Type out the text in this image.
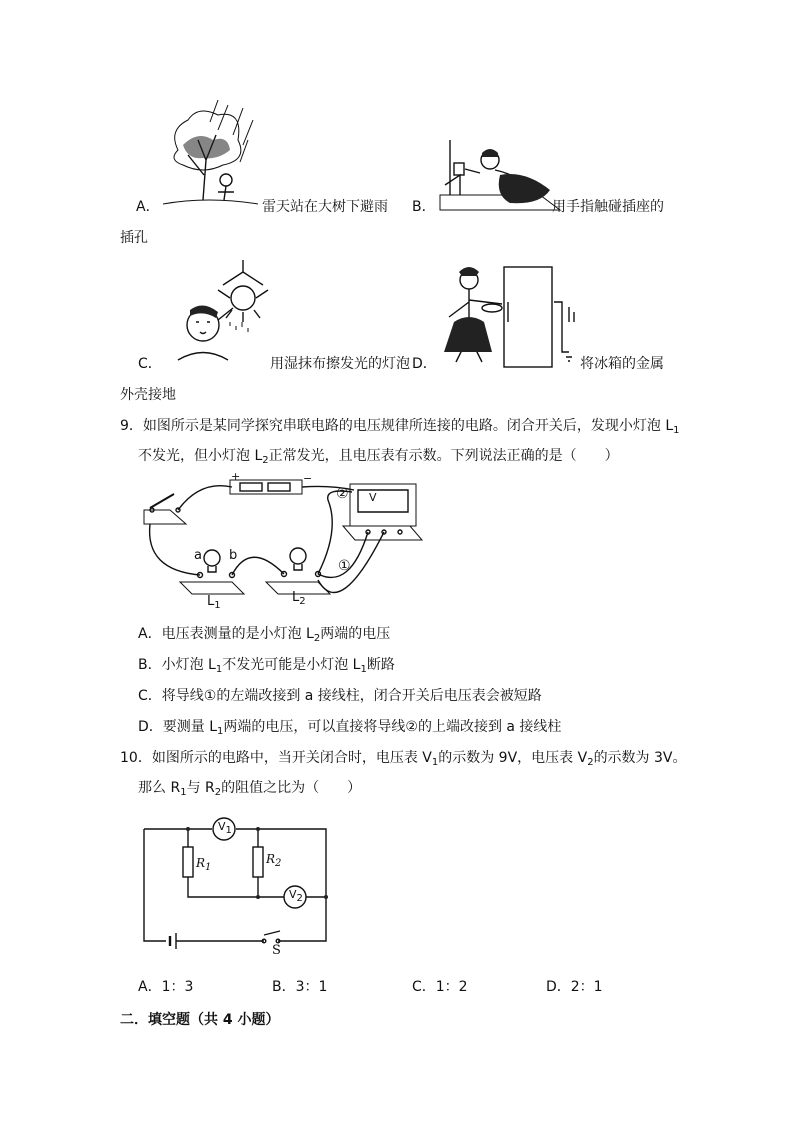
A．	雷天站在大树下避雨 B．	用手指触碰插座的
插孔
C．	用湿抹布擦发光的灯泡 D．	将冰箱的金属
外壳接地
9．如图所示是某同学探究串联电路的电压规律所连接的电路。闭合开关后，发现小灯泡 $L_1$
不发光，但小灯泡 $L_2$正常发光，且电压表有示数。下列说法正确的是（　　）
+	−
② V
①
a b
$L_1$
$L_2$
A．电压表测量的是小灯泡 $L_2$两端的电压
B．小灯泡 $L_1$不发光可能是小灯泡 $L_1$断路
C．将导线①的左端改接到 a 接线柱，闭合开关后电压表会被短路
D．要测量 $L_1$两端的电压，可以直接将导线②的上端改接到 a 接线柱
10．如图所示的电路中，当开关闭合时，电压表 $V_1$的示数为 9V，电压表 $V_2$的示数为 3V。
那么 $R_1$与 $R_2$的阻值之比为（　　）
$V_1$
$V_2$
$R_1$
$R_2$
S
A．1：3	B．3：1	C．1：2	D．2：1
二．填空题（共 4 小题）
